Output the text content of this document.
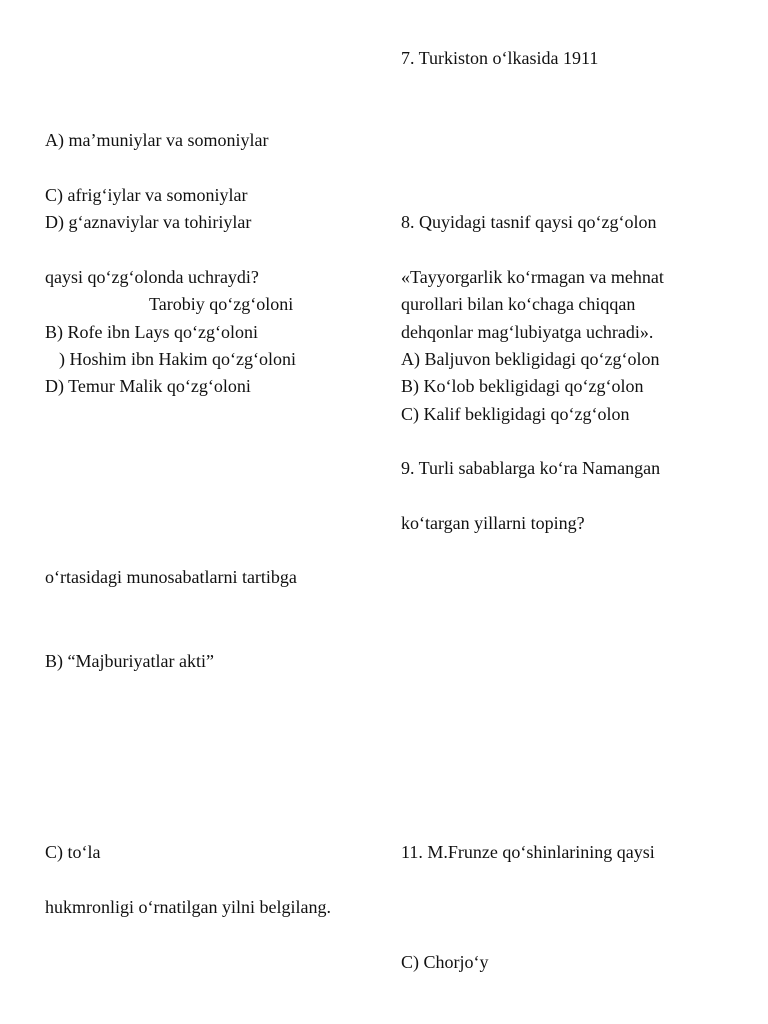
A) ma’muniylar va somoniylar
C) afrig‘iylar va somoniylar
D) g‘aznaviylar va tohiriylar
qaysi qo‘zg‘olonda uchraydi?
Tarobiy qo‘zg‘oloni
B) Rofe ibn Lays qo‘zg‘oloni
) Hoshim ibn Hakim qo‘zg‘oloni
D) Temur Malik qo‘zg‘oloni
o‘rtasidagi munosabatlarni tartibga
B) “Majburiyatlar akti”
C) to‘la
hukmronligi o‘rnatilgan yilni belgilang.
7. Turkiston o‘lkasida 1911
8. Quyidagi tasnif qaysi qo‘zg‘olon
«Tayyorgarlik ko‘rmagan va mehnat
qurollari bilan ko‘chaga chiqqan
dehqonlar mag‘lubiyatga uchradi».
A) Baljuvon bekligidagi qo‘zg‘olon
B) Ko‘lob bekligidagi qo‘zg‘olon
C) Kalif bekligidagi qo‘zg‘olon
9. Turli sabablarga ko‘ra Namangan
ko‘targan yillarni toping?
11. M.Frunze qo‘shinlarining qaysi
C) Chorjo‘y
